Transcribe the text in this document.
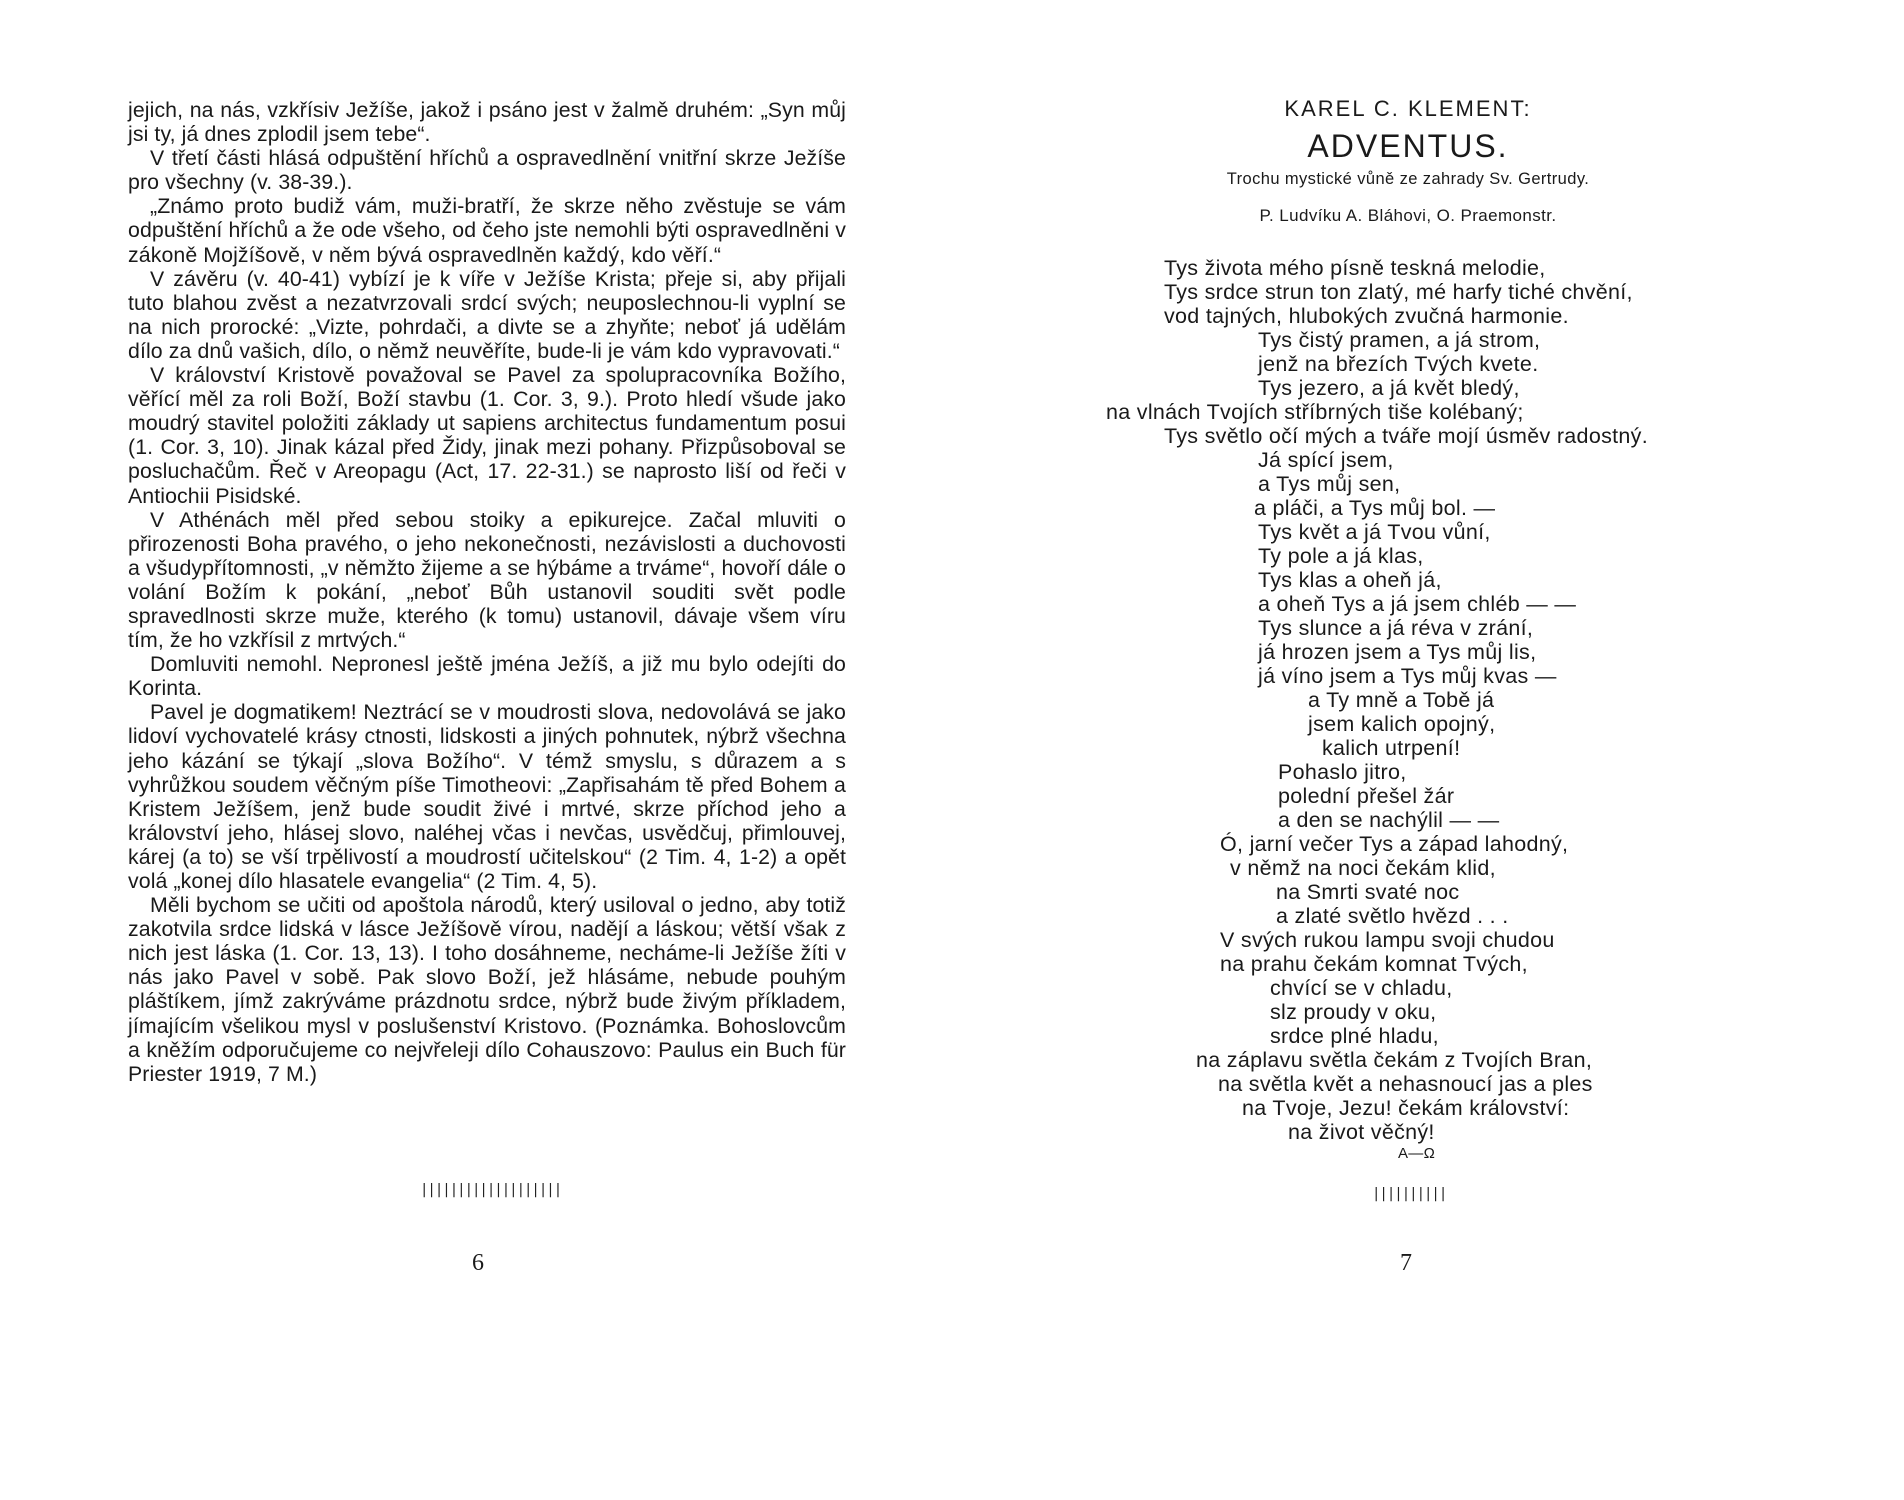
jejich, na nás, vzkřísiv Ježíše, jakož i psáno jest v žalmě druhém: „Syn můj jsi ty, já dnes zplodil jsem tebe“.

V třetí části hlásá odpuštění hříchů a ospravedlnění vnitřní skrze Ježíše pro všechny (v. 38-39.).

„Známo proto budiž vám, muži-bratří, že skrze něho zvěstuje se vám odpuštění hříchů a že ode všeho, od čeho jste nemohli býti ospravedlněni v zákoně Mojžíšově, v něm bývá ospravedlněn každý, kdo věří.“

V závěru (v. 40-41) vybízí je k víře v Ježíše Krista; přeje si, aby přijali tuto blahou zvěst a nezatvrzovali srdcí svých; neuposlechnou-li vyplní se na nich prorocké: „Vizte, pohrdači, a divte se a zhyňte; neboť já udělám dílo za dnů vašich, dílo, o němž neuvěříte, bude-li je vám kdo vypravovati.“

V království Kristově považoval se Pavel za spolupracovníka Božího, věřící měl za roli Boží, Boží stavbu (1. Cor. 3, 9.). Proto hledí všude jako moudrý stavitel položiti základy ut sapiens architectus fundamentum posui (1. Cor. 3, 10). Jinak kázal před Židy, jinak mezi pohany. Přizpůsoboval se posluchačům. Řeč v Areopagu (Act, 17. 22-31.) se naprosto liší od řeči v Antiochii Pisidské.

V Athénách měl před sebou stoiky a epikurejce. Začal mluviti o přirozenosti Boha pravého, o jeho nekonečnosti, nezávislosti a duchovosti a všudypřítomnosti, „v němžto žijeme a se hýbáme a trváme“, hovoří dále o volání Božím k pokání, „neboť Bůh ustanovil souditi svět podle spravedlnosti skrze muže, kterého (k tomu) ustanovil, dávaje všem víru tím, že ho vzkřísil z mrtvých.“

Domluviti nemohl. Nepronesl ještě jména Ježíš, a již mu bylo odejíti do Korinta.

Pavel je dogmatikem! Neztrácí se v moudrosti slova, nedovolává se jako lidoví vychovatelé krásy ctnosti, lidskosti a jiných pohnutek, nýbrž všechna jeho kázání se týkají „slova Božího“. V témž smyslu, s důrazem a s vyhrůžkou soudem věčným píše Timotheovi: „Zapřisahám tě před Bohem a Kristem Ježíšem, jenž bude soudit živé i mrtvé, skrze příchod jeho a království jeho, hlásej slovo, naléhej včas i nevčas, usvědčuj, přimlouvej, kárej (a to) se vší trpělivostí a moudrostí učitelskou“ (2 Tim. 4, 1-2) a opět volá „konej dílo hlasatele evangelia“ (2 Tim. 4, 5).

Měli bychom se učiti od apoštola národů, který usiloval o jedno, aby totiž zakotvila srdce lidská v lásce Ježíšově vírou, nadějí a láskou; větší však z nich jest láska (1. Cor. 13, 13). I toho dosáhneme, necháme-li Ježíše žíti v nás jako Pavel v sobě. Pak slovo Boží, jež hlásáme, nebude pouhým pláštíkem, jímž zakrýváme prázdnotu srdce, nýbrž bude živým příkladem, jímajícím všelikou mysl v poslušenství Kristovo. (Poznámka. Bohoslovcům a kněžím odporučujeme co nejvřeleji dílo Cohauszovo: Paulus ein Buch für Priester 1919, 7 M.)

|||||||||||||||||||
6
KAREL C. KLEMENT:
ADVENTUS.
Trochu mystické vůně ze zahrady Sv. Gertrudy.
P. Ludvíku A. Bláhovi, O. Praemonstr.
Tys života mého písně teskná melodie,
Tys srdce strun ton zlatý, mé harfy tiché chvění,
vod tajných, hlubokých zvučná harmonie.
Tys čistý pramen, a já strom,
jenž na březích Tvých kvete.
Tys jezero, a já květ bledý,
na vlnách Tvojích stříbrných tiše kolébaný;
Tys světlo očí mých a tváře mojí úsměv radostný.
Já spící jsem,
a Tys můj sen,
a pláči, a Tys můj bol. —
Tys květ a já Tvou vůní,
Ty pole a já klas,
Tys klas a oheň já,
a oheň Tys a já jsem chléb — —
Tys slunce a já réva v zrání,
já hrozen jsem a Tys můj lis,
já víno jsem a Tys můj kvas —
a Ty mně a Tobě já
jsem kalich opojný,
kalich utrpení!
Pohaslo jitro,
polední přešel žár
a den se nachýlil — —
Ó, jarní večer Tys a západ lahodný,
v němž na noci čekám klid,
na Smrti svaté noc
a zlaté světlo hvězd . . .
V svých rukou lampu svoji chudou
na prahu čekám komnat Tvých,
chvící se v chladu,
slz proudy v oku,
srdce plné hladu,
na záplavu světla čekám z Tvojích Bran,
na světla květ a nehasnoucí jas a ples
na Tvoje, Jezu! čekám království:
na život věčný!
A—Ω
||||||||||
7
